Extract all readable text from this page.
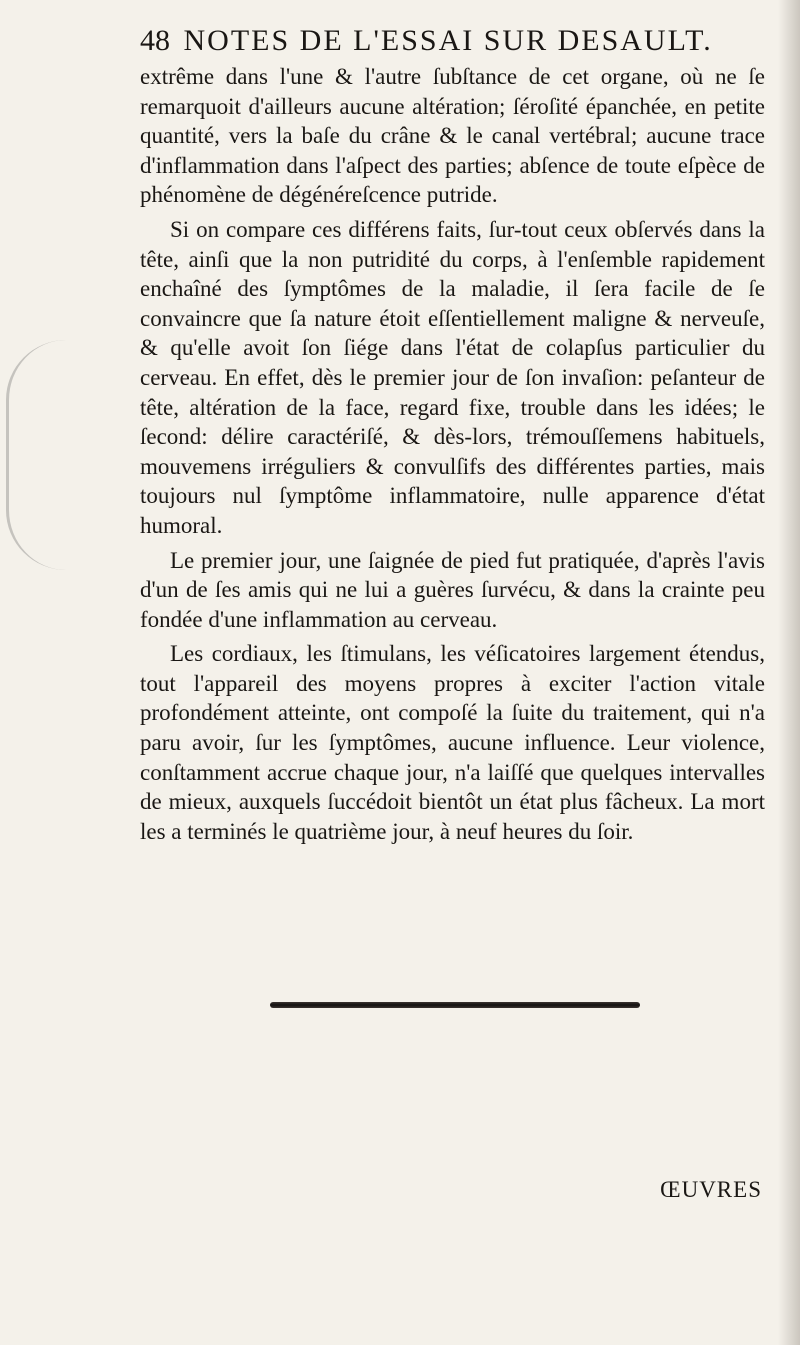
48 NOTES DE L'ESSAI SUR DESAULT.

extrême dans l'une & l'autre ſubſtance de cet organe, où ne ſe remarquoit d'ailleurs aucune altération; ſéroſité épanchée, en petite quantité, vers la baſe du crâne & le canal vertébral; aucune trace d'inflammation dans l'aſpect des parties; abſence de toute eſpèce de phénomène de dégénéreſcence putride.

Si on compare ces différens faits, ſur-tout ceux obſervés dans la tête, ainſi que la non putridité du corps, à l'enſemble rapidement enchaîné des ſymptômes de la maladie, il ſera facile de ſe convaincre que ſa nature étoit eſſentiellement maligne & nerveuſe, & qu'elle avoit ſon ſiége dans l'état de colapſus particulier du cerveau. En effet, dès le premier jour de ſon invaſion: peſanteur de tête, altération de la face, regard fixe, trouble dans les idées; le ſecond: délire caractériſé, & dès-lors, trémouſſemens habituels, mouvemens irréguliers & convulſifs des différentes parties, mais toujours nul ſymptôme inflammatoire, nulle apparence d'état humoral.

Le premier jour, une ſaignée de pied fut pratiquée, d'après l'avis d'un de ſes amis qui ne lui a guères ſurvécu, & dans la crainte peu fondée d'une inflammation au cerveau.

Les cordiaux, les ſtimulans, les véſicatoires largement étendus, tout l'appareil des moyens propres à exciter l'action vitale profondément atteinte, ont compoſé la ſuite du traitement, qui n'a paru avoir, ſur les ſymptômes, aucune influence. Leur violence, conſtamment accrue chaque jour, n'a laiſſé que quelques intervalles de mieux, auxquels ſuccédoit bientôt un état plus fâcheux. La mort les a terminés le quatrième jour, à neuf heures du ſoir.

ŒUVRES
